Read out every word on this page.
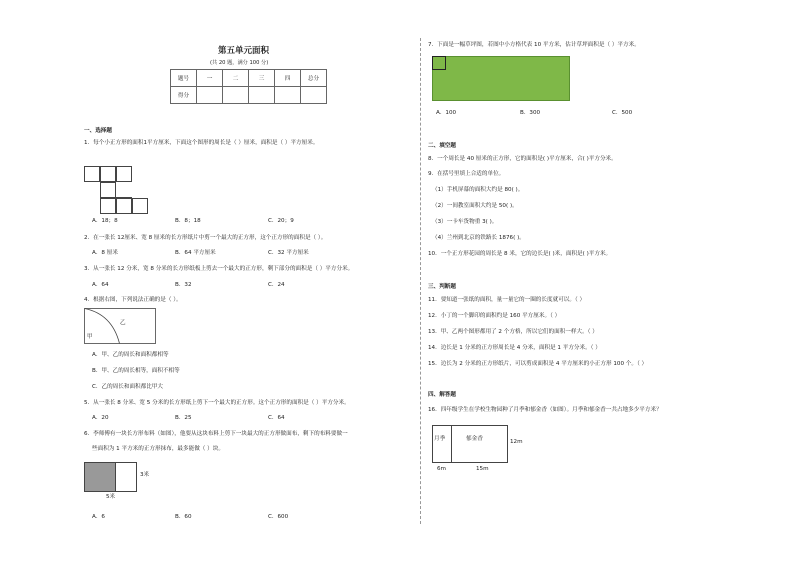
第五单元面积
(共 20 题，满分 100 分)
题号	一	二	三	四	总分
得分					
一、选择题
1．每个小正方形的面积1平方厘米，下面这个图形的周长是（ ）厘米，面积是（ ）平方厘米。
A．18；8	B．8；18	C．20；9
2．在一张长 12厘米、宽 8 厘米的长方形纸片中剪一个最大的正方形，这个正方形的面积是（ ）。
A．8 厘米	B．64 平方厘米	C．32 平方厘米
3．从一张长 12 分米，宽 8 分米的长方形纸板上剪去一个最大的正方形，剩下部分的面积是（ ）平方分米。
A．64	B．32	C．24
4．根据右图，下列说法正确的是（ ）。
甲
乙
A．甲、乙的周长和面积都相等
B．甲、乙的周长相等，面积不相等
C．乙的周长和面积都比甲大
5．从一张长 8 分米、宽 5 分米的长方形纸上剪下一个最大的正方形。这个正方形的面积是（ ）平方分米。
A．20	B．25	C．64
6．李师傅有一块长方形布料（如图），他要从这块布料上剪下一块最大的正方形做面布，剩下的布料要做一
些面积为 1 平方米的正方形抹布，最多能做（ ）块。
3米
5米
A．6	B．60	C．600
7．下面是一幅草坪图，若图中小方格代表 10 平方米，估计草坪面积是（ ）平方米。
A．100	B．300	C．500
二、填空题
8．一个周长是 40 厘米的正方形，它的面积是( )平方厘米，合( )平方分米。
9．在括号里填上合适的单位。
（1）手机屏幕的面积大约是 80( )。
（2）一间教室面积大约是 50( )。
（3）一卡车货物重 3( )。
（4）兰州到北京的铁路长 1876( )。
10．一个正方形花园的周长是 8 米，它的边长是( )米，面积是( )平方米。
三、判断题
11．要知道一张纸的面积，量一量它的一圈的长度就可以。（ ）
12．小丁的一个脚印的面积约是 160 平方厘米。（ ）
13．甲、乙两个图形都用了 2 个方格，所以它们的面积一样大。（ ）
14．边长是 1 分米的正方形周长是 4 分米，面积是 1 平方分米。（ ）
15．边长为 2 分米的正方形纸片，可以剪成面积是 4 平方厘米的小正方形 100 个。（ ）
四、解答题
16．四年级学生在学校生物园种了月季和郁金香（如图）。月季和郁金香一共占地多少平方米？
月季	郁金香	12m
6m	15m
